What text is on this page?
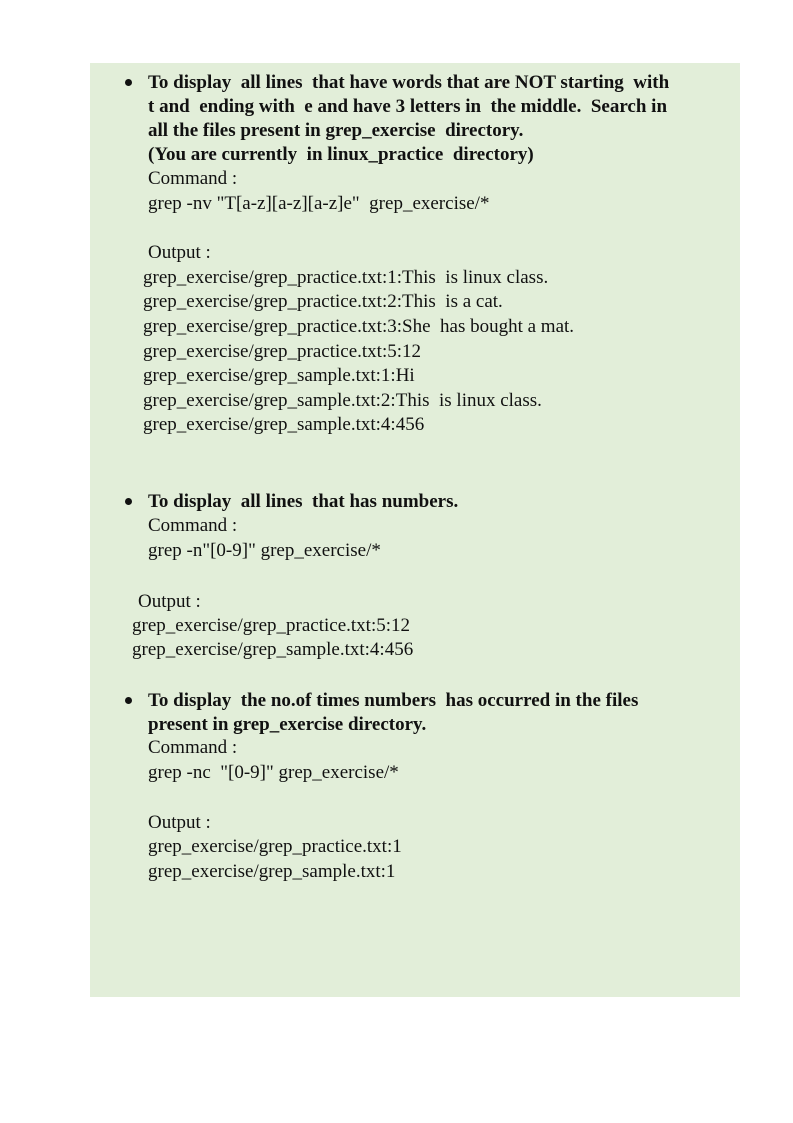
To display  all lines  that have words that are NOT starting  with
t and  ending with  e and have 3 letters in  the middle.  Search in
all the files present in grep_exercise  directory.
(You are currently  in linux_practice  directory)
Command :
grep -nv "T[a-z][a-z][a-z]e"  grep_exercise/*
Output :
grep_exercise/grep_practice.txt:1:This  is linux class.
grep_exercise/grep_practice.txt:2:This  is a cat.
grep_exercise/grep_practice.txt:3:She  has bought a mat.
grep_exercise/grep_practice.txt:5:12
grep_exercise/grep_sample.txt:1:Hi
grep_exercise/grep_sample.txt:2:This  is linux class.
grep_exercise/grep_sample.txt:4:456
To display  all lines  that has numbers.
Command :
grep -n"[0-9]" grep_exercise/*
Output :
grep_exercise/grep_practice.txt:5:12
grep_exercise/grep_sample.txt:4:456
To display  the no.of times numbers  has occurred in the files
present in grep_exercise directory.
Command :
grep -nc  "[0-9]" grep_exercise/*
Output :
grep_exercise/grep_practice.txt:1
grep_exercise/grep_sample.txt:1
